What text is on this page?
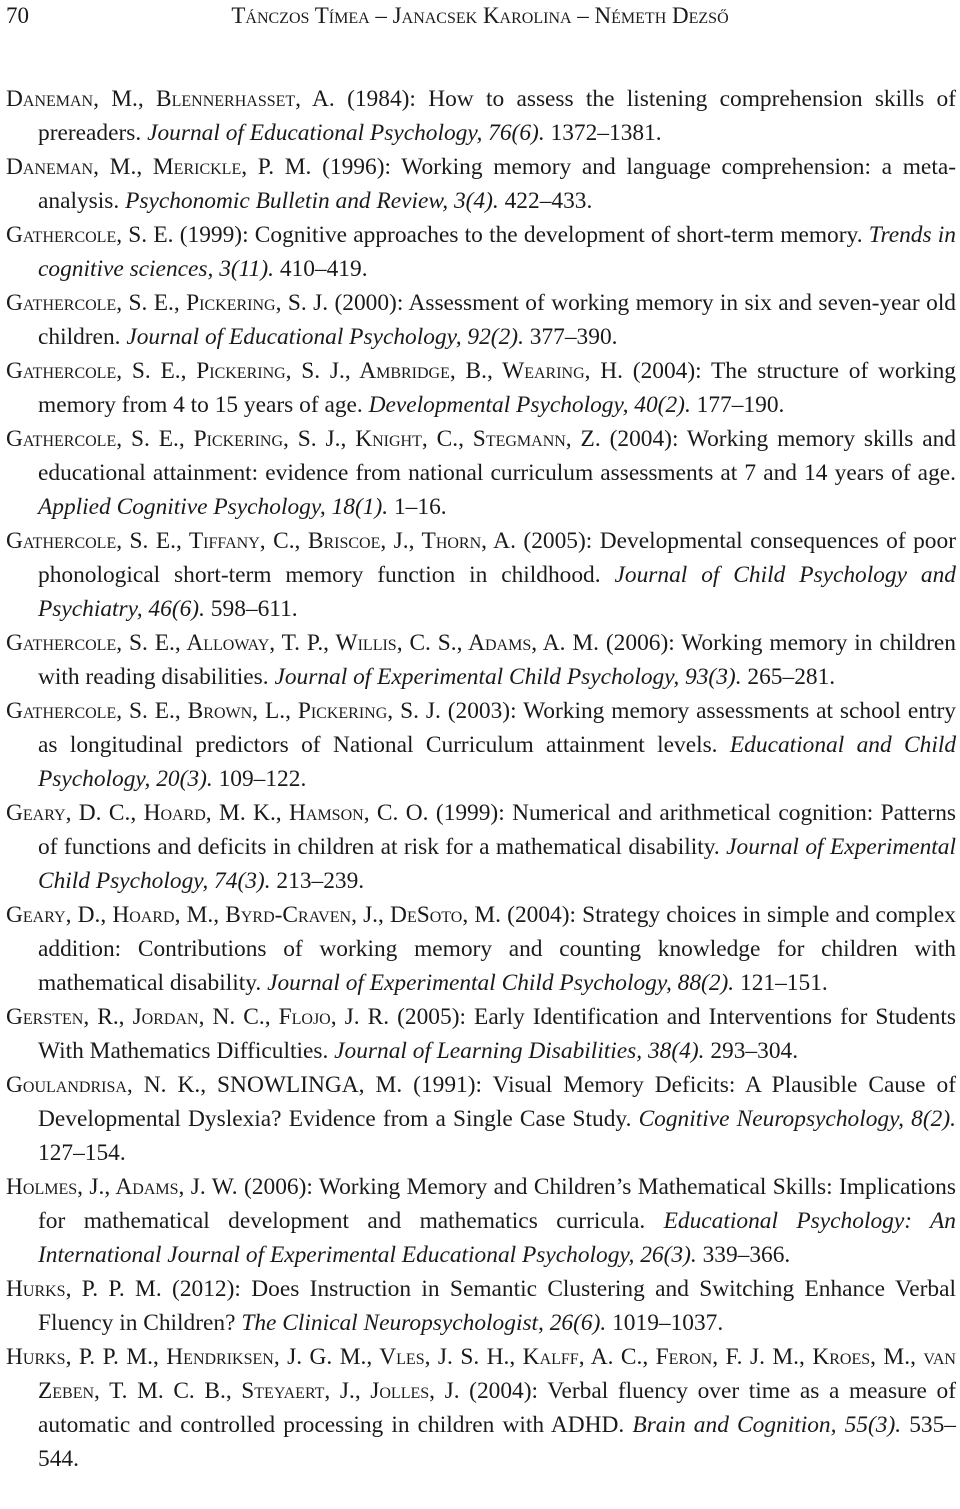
70	Tánczos Tímea – Janacsek Karolina – Németh Dezső

Daneman, M., Blennerhasset, A. (1984): How to assess the listening comprehension skills of prereaders. Journal of Educational Psychology, 76(6). 1372–1381.

Daneman, M., Merickle, P. M. (1996): Working memory and language comprehension: a meta-analysis. Psychonomic Bulletin and Review, 3(4). 422–433.

Gathercole, S. E. (1999): Cognitive approaches to the development of short-term memory. Trends in cognitive sciences, 3(11). 410–419.

Gathercole, S. E., Pickering, S. J. (2000): Assessment of working memory in six and seven-year old children. Journal of Educational Psychology, 92(2). 377–390.

Gathercole, S. E., Pickering, S. J., Ambridge, B., Wearing, H. (2004): The structure of working memory from 4 to 15 years of age. Developmental Psychology, 40(2). 177–190.

Gathercole, S. E., Pickering, S. J., Knight, C., Stegmann, Z. (2004): Working memory skills and educational attainment: evidence from national curriculum assessments at 7 and 14 years of age. Applied Cognitive Psychology, 18(1). 1–16.

Gathercole, S. E., Tiffany, C., Briscoe, J., Thorn, A. (2005): Developmental consequences of poor phonological short-term memory function in childhood. Journal of Child Psychology and Psychiatry, 46(6). 598–611.

Gathercole, S. E., Alloway, T. P., Willis, C. S., Adams, A. M. (2006): Working memory in children with reading disabilities. Journal of Experimental Child Psychology, 93(3). 265–281.

Gathercole, S. E., Brown, L., Pickering, S. J. (2003): Working memory assessments at school entry as longitudinal predictors of National Curriculum attainment levels. Educational and Child Psychology, 20(3). 109–122.

Geary, D. C., Hoard, M. K., Hamson, C. O. (1999): Numerical and arithmetical cognition: Patterns of functions and deficits in children at risk for a mathematical disability. Journal of Experimental Child Psychology, 74(3). 213–239.

Geary, D., Hoard, M., Byrd-Craven, J., DeSoto, M. (2004): Strategy choices in simple and complex addition: Contributions of working memory and counting knowledge for children with mathematical disability. Journal of Experimental Child Psychology, 88(2). 121–151.

Gersten, R., Jordan, N. C., Flojo, J. R. (2005): Early Identification and Interventions for Students With Mathematics Difficulties. Journal of Learning Disabilities, 38(4). 293–304.

Goulandrisa, N. K., SNOWLINGA, M. (1991): Visual Memory Deficits: A Plausible Cause of Developmental Dyslexia? Evidence from a Single Case Study. Cognitive Neuropsychology, 8(2). 127–154.

Holmes, J., Adams, J. W. (2006): Working Memory and Children’s Mathematical Skills: Implications for mathematical development and mathematics curricula. Educational Psychology: An International Journal of Experimental Educational Psychology, 26(3). 339–366.

Hurks, P. P. M. (2012): Does Instruction in Semantic Clustering and Switching Enhance Verbal Fluency in Children? The Clinical Neuropsychologist, 26(6). 1019–1037.

Hurks, P. P. M., Hendriksen, J. G. M., Vles, J. S. H., Kalff, A. C., Feron, F. J. M., Kroes, M., van Zeben, T. M. C. B., Steyaert, J., Jolles, J. (2004): Verbal fluency over time as a measure of automatic and controlled processing in children with ADHD. Brain and Cognition, 55(3). 535–544.
